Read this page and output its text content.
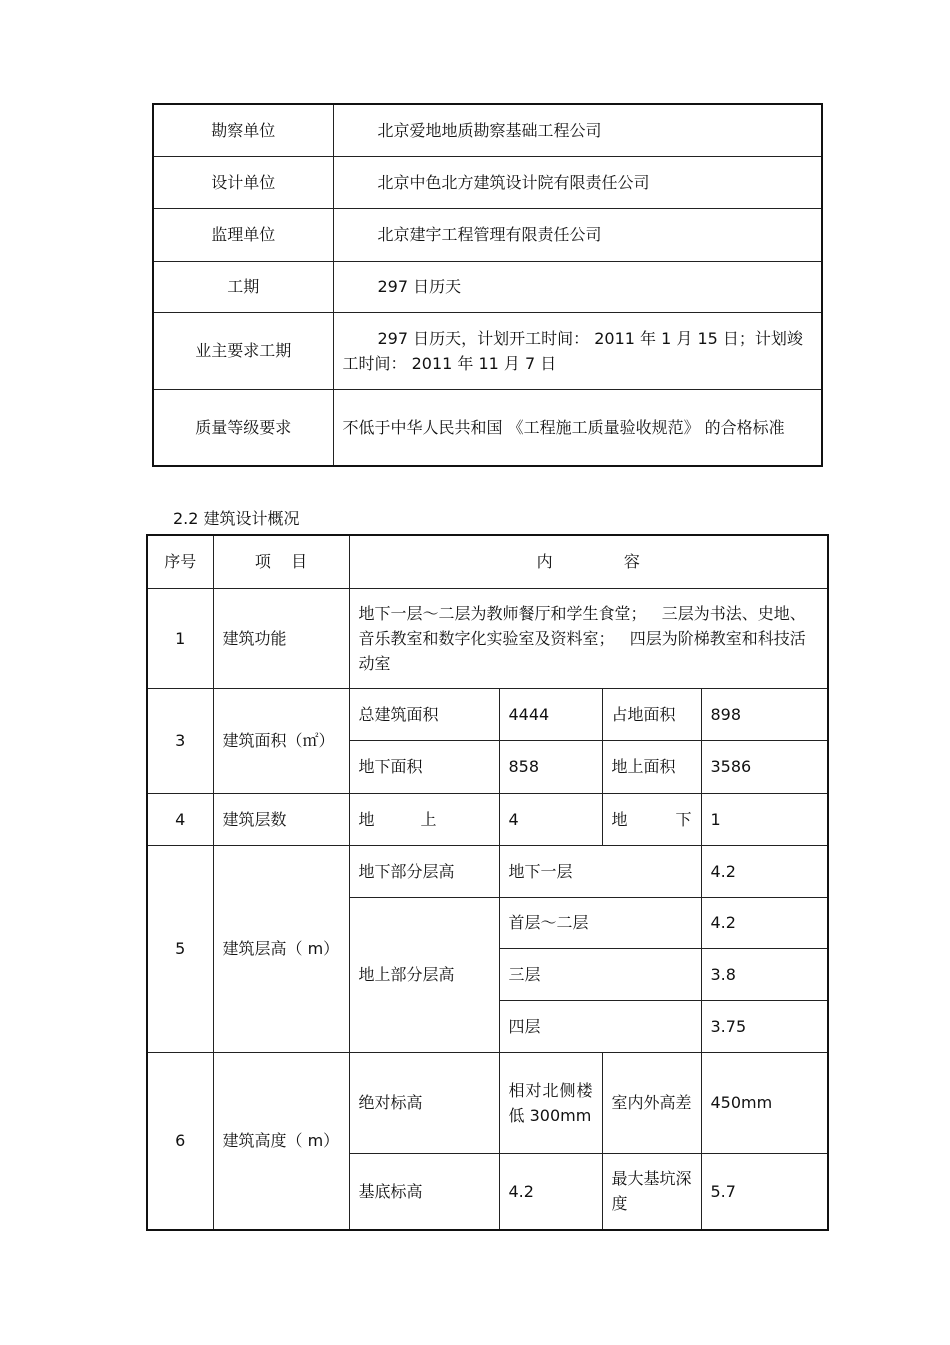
勘察单位	北京爱地地质勘察基础工程公司
设计单位	北京中色北方建筑设计院有限责任公司
监理单位	北京建宇工程管理有限责任公司
工期	297 日历天
业主要求工期	297 日历天，计划开工时间： 2011 年 1 月 15 日；计划竣工时间： 2011 年 11 月 7 日
质量等级要求	不低于中华人民共和国 《工程施工质量验收规范》 的合格标准
2.2 建筑设计概况
序号	项    目	内              容			
1	建筑功能	地下一层～二层为教师餐厅和学生食堂；   三层为书法、史地、音乐教室和数字化实验室及资料室；   四层为阶梯教室和科技活动室			
3	建筑面积（㎡）	总建筑面积	4444	占地面积	898
		地下面积	858	地上面积	3586
4	建筑层数	地上	4	地下	1
5	建筑层高（ m）	地下部分层高	地下一层		4.2
		地上部分层高	首层～二层		4.2
			三层		3.8
			四层		3.75
6	建筑高度（ m）	绝对标高	相对北侧楼低 300mm	室内外高差	450mm
		基底标高	4.2	最大基坑深度	5.7
